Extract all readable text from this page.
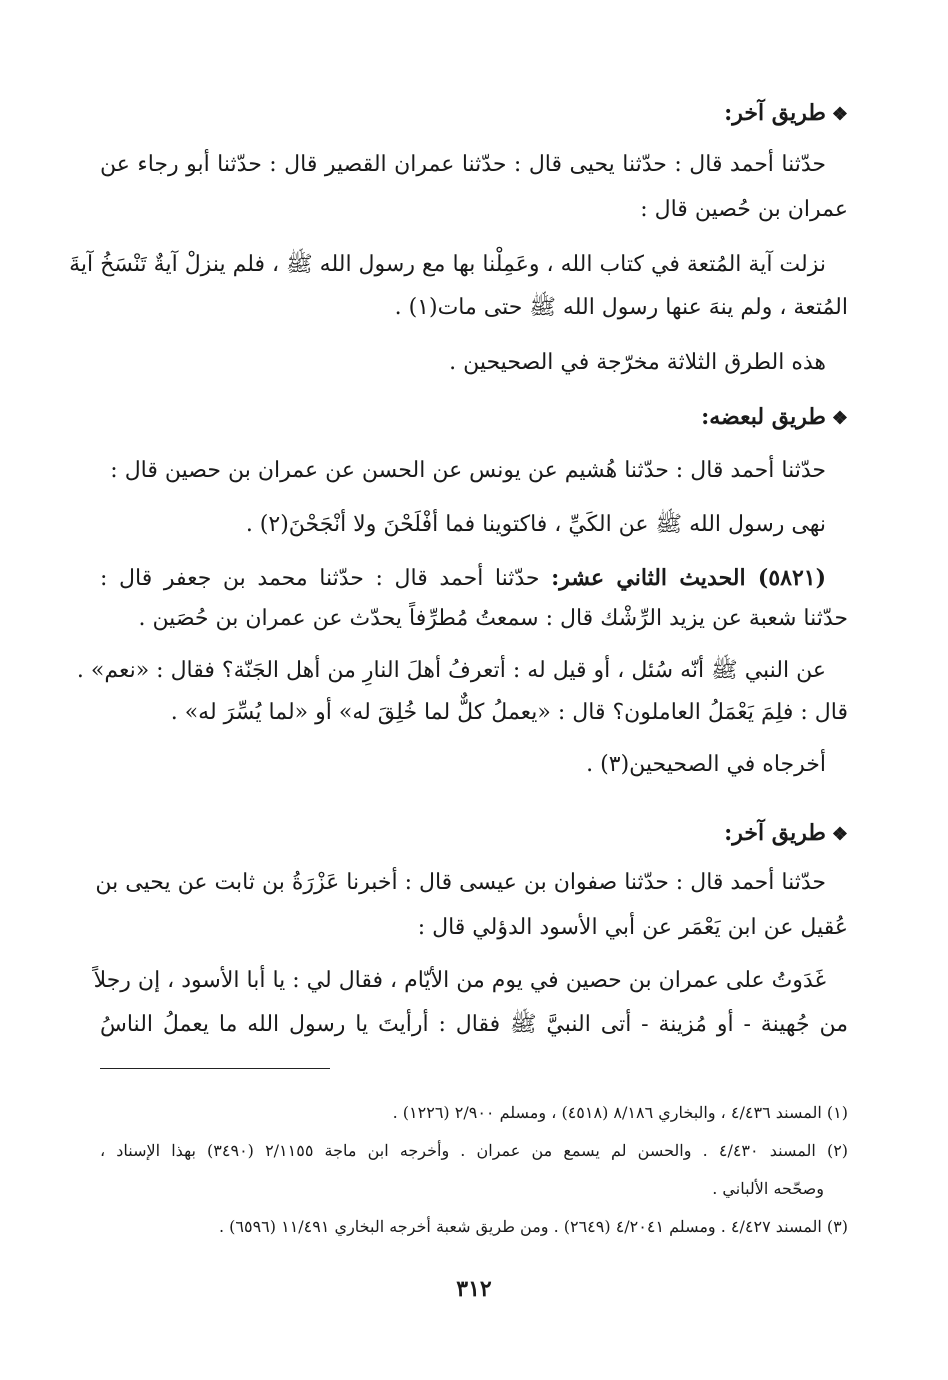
❖طريق آخر:
حدّثنا أحمد قال : حدّثنا يحيى قال : حدّثنا عمران القصير قال : حدّثنا أبو رجاء عن
عمران بن حُصين قال :
نزلت آية المُتعة في كتاب الله ، وعَمِلْنا بها مع رسول الله ﷺ ، فلم ينزلْ آيةٌ تَنْسَخُ آيةَ
المُتعة ، ولم ينهَ عنها رسول الله ﷺ حتى مات(١) .
هذه الطرق الثلاثة مخرّجة في الصحيحين .
❖طريق لبعضه:
حدّثنا أحمد قال : حدّثنا هُشيم عن يونس عن الحسن عن عمران بن حصين قال :
نهى رسول الله ﷺ عن الكَيِّ ، فاكتوينا فما أفْلَحْنَ ولا أنْجَحْنَ(٢) .
(٥٨٢١) الحديث الثاني عشر: حدّثنا أحمد قال : حدّثنا محمد بن جعفر قال :
حدّثنا شعبة عن يزيد الرِّشْك قال : سمعتُ مُطرِّفاً يحدّث عن عمران بن حُصَين .
عن النبي ﷺ أنّه سُئل ، أو قيل له : أتعرفُ أهلَ النارِ من أهل الجَنّة؟ فقال : «نعم» .
قال : فلِمَ يَعْمَلُ العاملون؟ قال : «يعملُ كلٌّ لما خُلِقَ له» أو «لما يُسِّرَ له» .
أخرجاه في الصحيحين(٣) .
❖طريق آخر:
حدّثنا أحمد قال : حدّثنا صفوان بن عيسى قال : أخبرنا عَزْرَةُ بن ثابت عن يحيى بن
عُقيل عن ابن يَعْمَر عن أبي الأسود الدؤلي قال :
غَدَوتُ على عمران بن حصين في يوم من الأيّام ، فقال لي : يا أبا الأسود ، إن رجلاً
من جُهينة - أو مُزينة - أتى النبيَّ ﷺ فقال : أرأيتَ يا رسول الله ما يعملُ الناسُ
(١) المسند ٤/٤٣٦ ، والبخاري ٨/١٨٦ (٤٥١٨) ، ومسلم ٢/٩٠٠ (١٢٢٦) .
(٢) المسند ٤/٤٣٠ . والحسن لم يسمع من عمران . وأخرجه ابن ماجة ٢/١١٥٥ (٣٤٩٠) بهذا الإسناد ،
وصحّحه الألباني .
(٣) المسند ٤/٤٢٧ . ومسلم ٤/٢٠٤١ (٢٦٤٩) . ومن طريق شعبة أخرجه البخاري ١١/٤٩١ (٦٥٩٦) .
٣١٢
